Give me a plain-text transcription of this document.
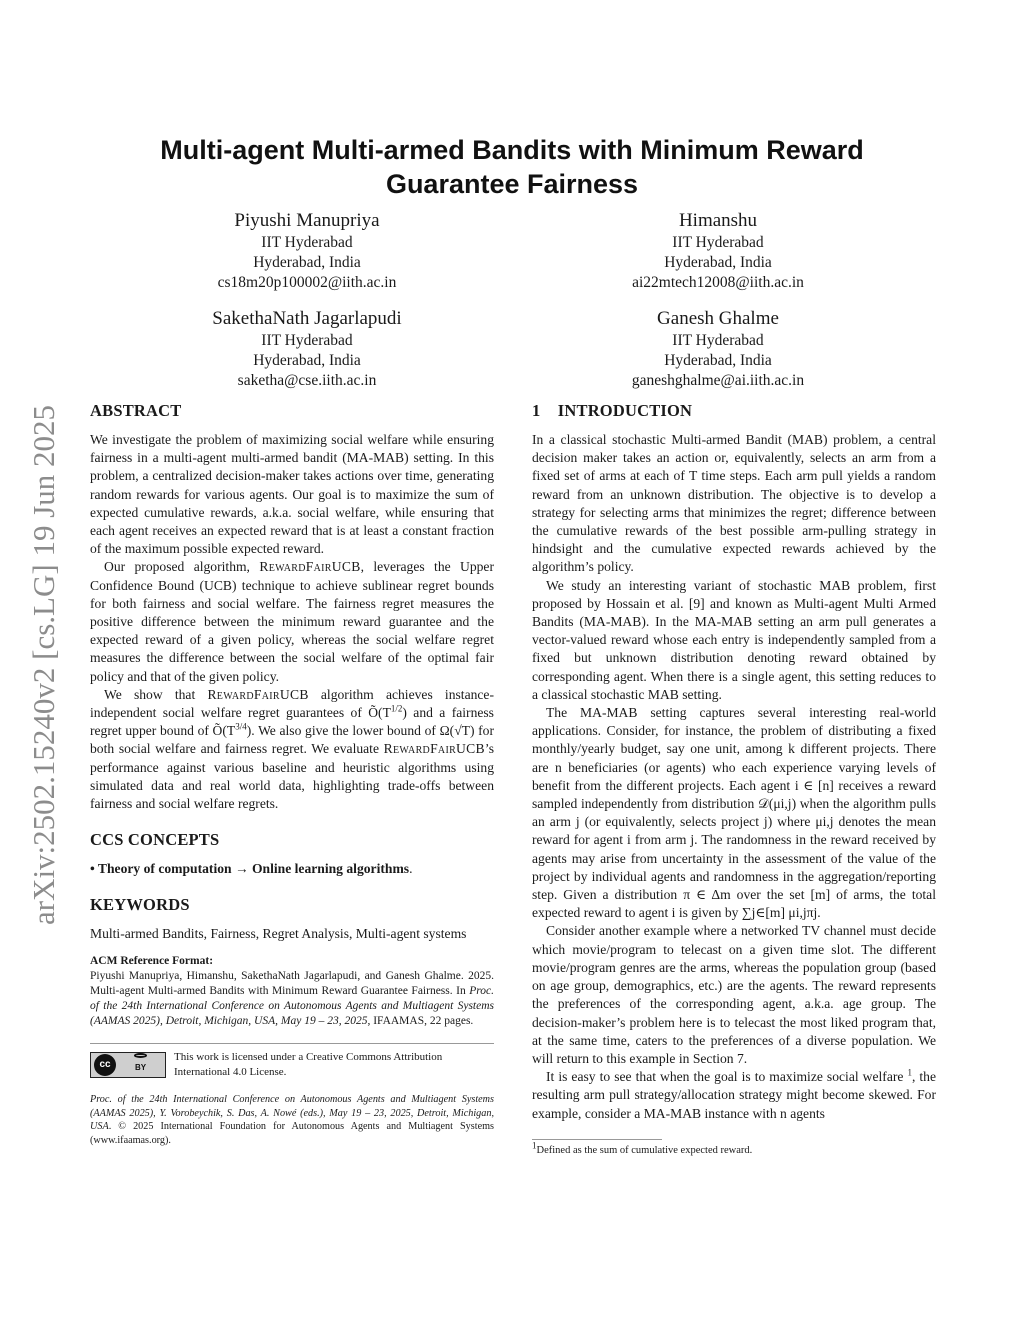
arXiv:2502.15240v2 [cs.LG] 19 Jun 2025
Multi-agent Multi-armed Bandits with Minimum Reward
Guarantee Fairness
Piyushi Manupriya
IIT Hyderabad
Hyderabad, India
cs18m20p100002@iith.ac.in
Himanshu
IIT Hyderabad
Hyderabad, India
ai22mtech12008@iith.ac.in
SakethaNath Jagarlapudi
IIT Hyderabad
Hyderabad, India
saketha@cse.iith.ac.in
Ganesh Ghalme
IIT Hyderabad
Hyderabad, India
ganeshghalme@ai.iith.ac.in
ABSTRACT

We investigate the problem of maximizing social welfare while ensuring fairness in a multi-agent multi-armed bandit (MA-MAB) setting. In this problem, a centralized decision-maker takes actions over time, generating random rewards for various agents. Our goal is to maximize the sum of expected cumulative rewards, a.k.a. social welfare, while ensuring that each agent receives an expected reward that is at least a constant fraction of the maximum possible expected reward.

Our proposed algorithm, RewardFairUCB, leverages the Upper Confidence Bound (UCB) technique to achieve sublinear regret bounds for both fairness and social welfare. The fairness regret measures the positive difference between the minimum reward guarantee and the expected reward of a given policy, whereas the social welfare regret measures the difference between the social welfare of the optimal fair policy and that of the given policy.

We show that RewardFairUCB algorithm achieves instance-independent social welfare regret guarantees of $Õ(T^{1/2})$ and a fairness regret upper bound of $Õ(T^{3/4})$. We also give the lower bound of Ω(√T) for both social welfare and fairness regret. We evaluate RewardFairUCB’s performance against various baseline and heuristic algorithms using simulated data and real world data, highlighting trade-offs between fairness and social welfare regrets.

CCS CONCEPTS
• Theory of computation → Online learning algorithms.
KEYWORDS

Multi-armed Bandits, Fairness, Regret Analysis, Multi-agent systems

ACM Reference Format:

Piyushi Manupriya, Himanshu, SakethaNath Jagarlapudi, and Ganesh Ghalme. 2025. Multi-agent Multi-armed Bandits with Minimum Reward Guarantee Fairness. In Proc. of the 24th International Conference on Autonomous Agents and Multiagent Systems (AAMAS 2025), Detroit, Michigan, USA, May 19 – 23, 2025, IFAAMAS, 22 pages.

cc	BY
This work is licensed under a Creative Commons Attribution International 4.0 License.
Proc. of the 24th International Conference on Autonomous Agents and Multiagent Systems (AAMAS 2025), Y. Vorobeychik, S. Das, A. Nowé (eds.), May 19 – 23, 2025, Detroit, Michigan, USA. © 2025 International Foundation for Autonomous Agents and Multiagent Systems (www.ifaamas.org).
1    INTRODUCTION

In a classical stochastic Multi-armed Bandit (MAB) problem, a central decision maker takes an action or, equivalently, selects an arm from a fixed set of arms at each of T time steps. Each arm pull yields a random reward from an unknown distribution. The objective is to develop a strategy for selecting arms that minimizes the regret; difference between the cumulative rewards of the best possible arm-pulling strategy in hindsight and the cumulative expected rewards achieved by the algorithm’s policy.

We study an interesting variant of stochastic MAB problem, first proposed by Hossain et al. [9] and known as Multi-agent Multi Armed Bandits (MA-MAB). In the MA-MAB setting an arm pull generates a vector-valued reward whose each entry is independently sampled from a fixed but unknown distribution denoting reward obtained by corresponding agent. When there is a single agent, this setting reduces to a classical stochastic MAB setting.

The MA-MAB setting captures several interesting real-world applications. Consider, for instance, the problem of distributing a fixed monthly/yearly budget, say one unit, among k different projects. There are n beneficiaries (or agents) who each experience varying levels of benefit from the different projects. Each agent i ∈ [n] receives a reward sampled independently from distribution 𝒟(μi,j) when the algorithm pulls an arm j (or equivalently, selects project j) where μi,j denotes the mean reward for agent i from arm j. The randomness in the reward received by agents may arise from uncertainty in the assessment of the value of the project by individual agents and randomness in the aggregation/reporting step. Given a distribution π ∈ Δm over the set [m] of arms, the total expected reward to agent i is given by ∑j∈[m] μi,jπj.

Consider another example where a networked TV channel must decide which movie/program to telecast on a given time slot. The different movie/program genres are the arms, whereas the population group (based on age group, demographics, etc.) are the agents. The reward represents the preferences of the corresponding agent, a.k.a. age group. The decision-maker’s problem here is to telecast the most liked program that, at the same time, caters to the preferences of a diverse population. We will return to this example in Section 7.

It is easy to see that when the goal is to maximize social welfare $^1$, the resulting arm pull strategy/allocation strategy might become skewed. For example, consider a MA-MAB instance with n agents

$^1$Defined as the sum of cumulative expected reward.
